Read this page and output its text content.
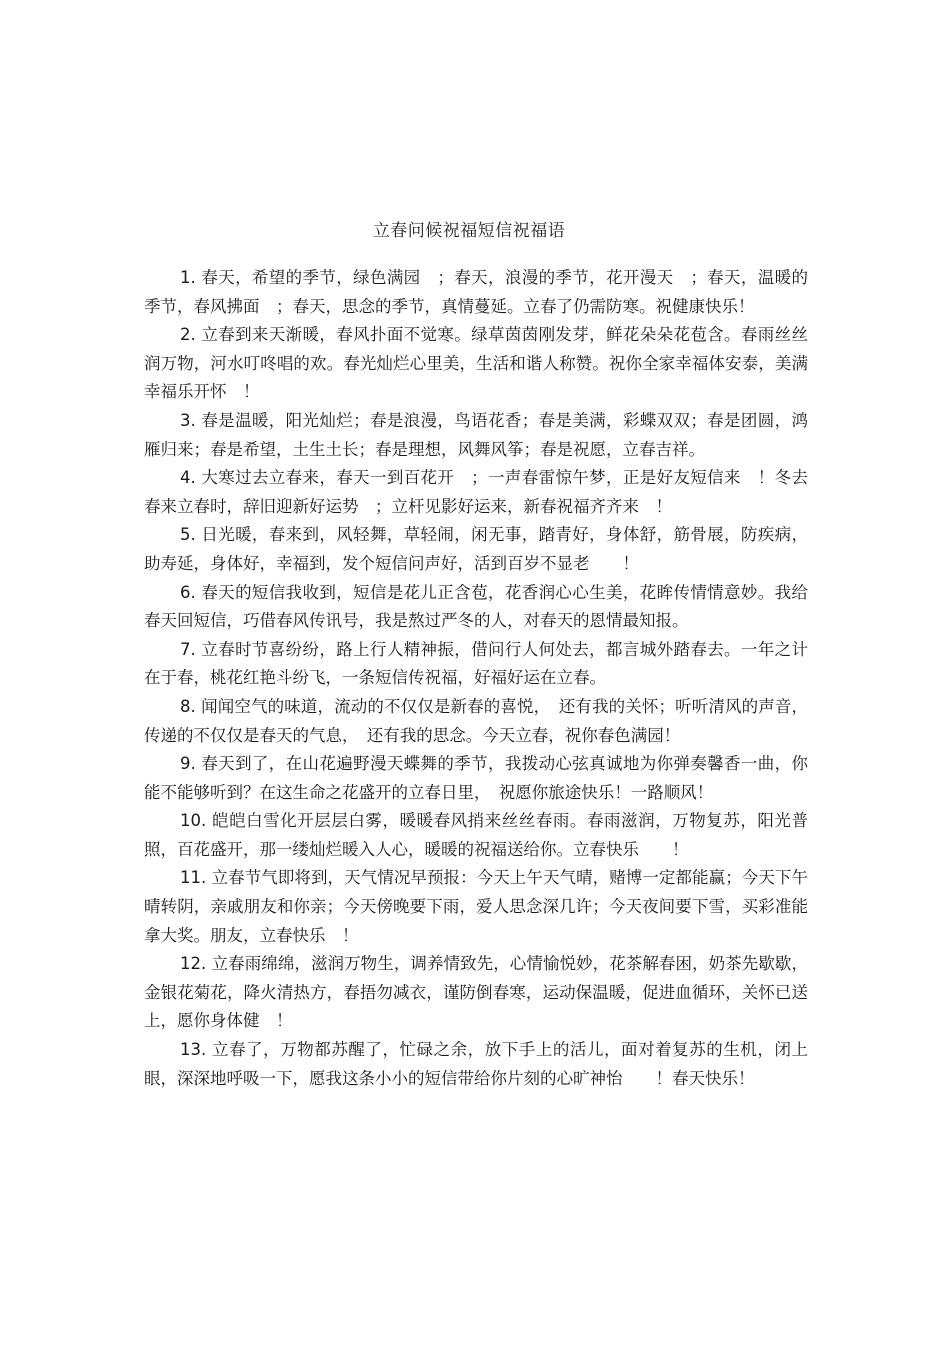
立春问候祝福短信祝福语

1. 春天，希望的季节，绿色满园　；春天，浪漫的季节，花开漫天　；春天，温暖的季节，春风拂面　；春天，思念的季节，真情蔓延。立春了仍需防寒。祝健康快乐！

2. 立春到来天渐暖，春风扑面不觉寒。绿草茵茵刚发芽，鲜花朵朵花苞含。春雨丝丝润万物，河水叮咚唱的欢。春光灿烂心里美，生活和谐人称赞。祝你全家幸福体安泰，美满幸福乐开怀　！

3. 春是温暖，阳光灿烂；春是浪漫，鸟语花香；春是美满，彩蝶双双；春是团圆，鸿雁归来；春是希望，土生土长；春是理想，风舞风筝；春是祝愿，立春吉祥。

4. 大寒过去立春来，春天一到百花开　；一声春雷惊午梦，正是好友短信来　！冬去春来立春时，辞旧迎新好运势　；立杆见影好运来，新春祝福齐齐来　！

5. 日光暖，春来到，风轻舞，草轻闹，闲无事，踏青好，身体舒，筋骨展，防疾病，助寿延，身体好，幸福到，发个短信问声好，活到百岁不显老　　！

6. 春天的短信我收到，短信是花儿正含苞，花香润心心生美，花眸传情情意妙。我给春天回短信，巧借春风传讯号，我是熬过严冬的人，对春天的恩情最知报。

7. 立春时节喜纷纷，路上行人精神振，借问行人何处去，都言城外踏春去。一年之计在于春，桃花红艳斗纷飞，一条短信传祝福，好福好运在立春。

8. 闻闻空气的味道，流动的不仅仅是新春的喜悦，　还有我的关怀；听听清风的声音，传递的不仅仅是春天的气息，　还有我的思念。今天立春，祝你春色满园！

9. 春天到了，在山花遍野漫天蝶舞的季节，我拨动心弦真诚地为你弹奏馨香一曲，你能不能够听到？在这生命之花盛开的立春日里，　祝愿你旅途快乐！一路顺风！

10. 皑皑白雪化开层层白雾，暖暖春风捎来丝丝春雨。春雨滋润，万物复苏，阳光普照，百花盛开，那一缕灿烂暖入人心，暖暖的祝福送给你。立春快乐　　！

11. 立春节气即将到，天气情况早预报：今天上午天气晴，赌博一定都能赢；今天下午晴转阴，亲戚朋友和你亲；今天傍晚要下雨，爱人思念深几许；今天夜间要下雪，买彩准能拿大奖。朋友，立春快乐　！

12. 立春雨绵绵，滋润万物生，调养情致先，心情愉悦妙，花茶解春困，奶茶先歇歇，金银花菊花，降火清热方，春捂勿减衣，谨防倒春寒，运动保温暖，促进血循环，关怀已送上，愿你身体健　！

13. 立春了，万物都苏醒了，忙碌之余，放下手上的活儿，面对着复苏的生机，闭上眼，深深地呼吸一下，愿我这条小小的短信带给你片刻的心旷神怡　　！春天快乐！
